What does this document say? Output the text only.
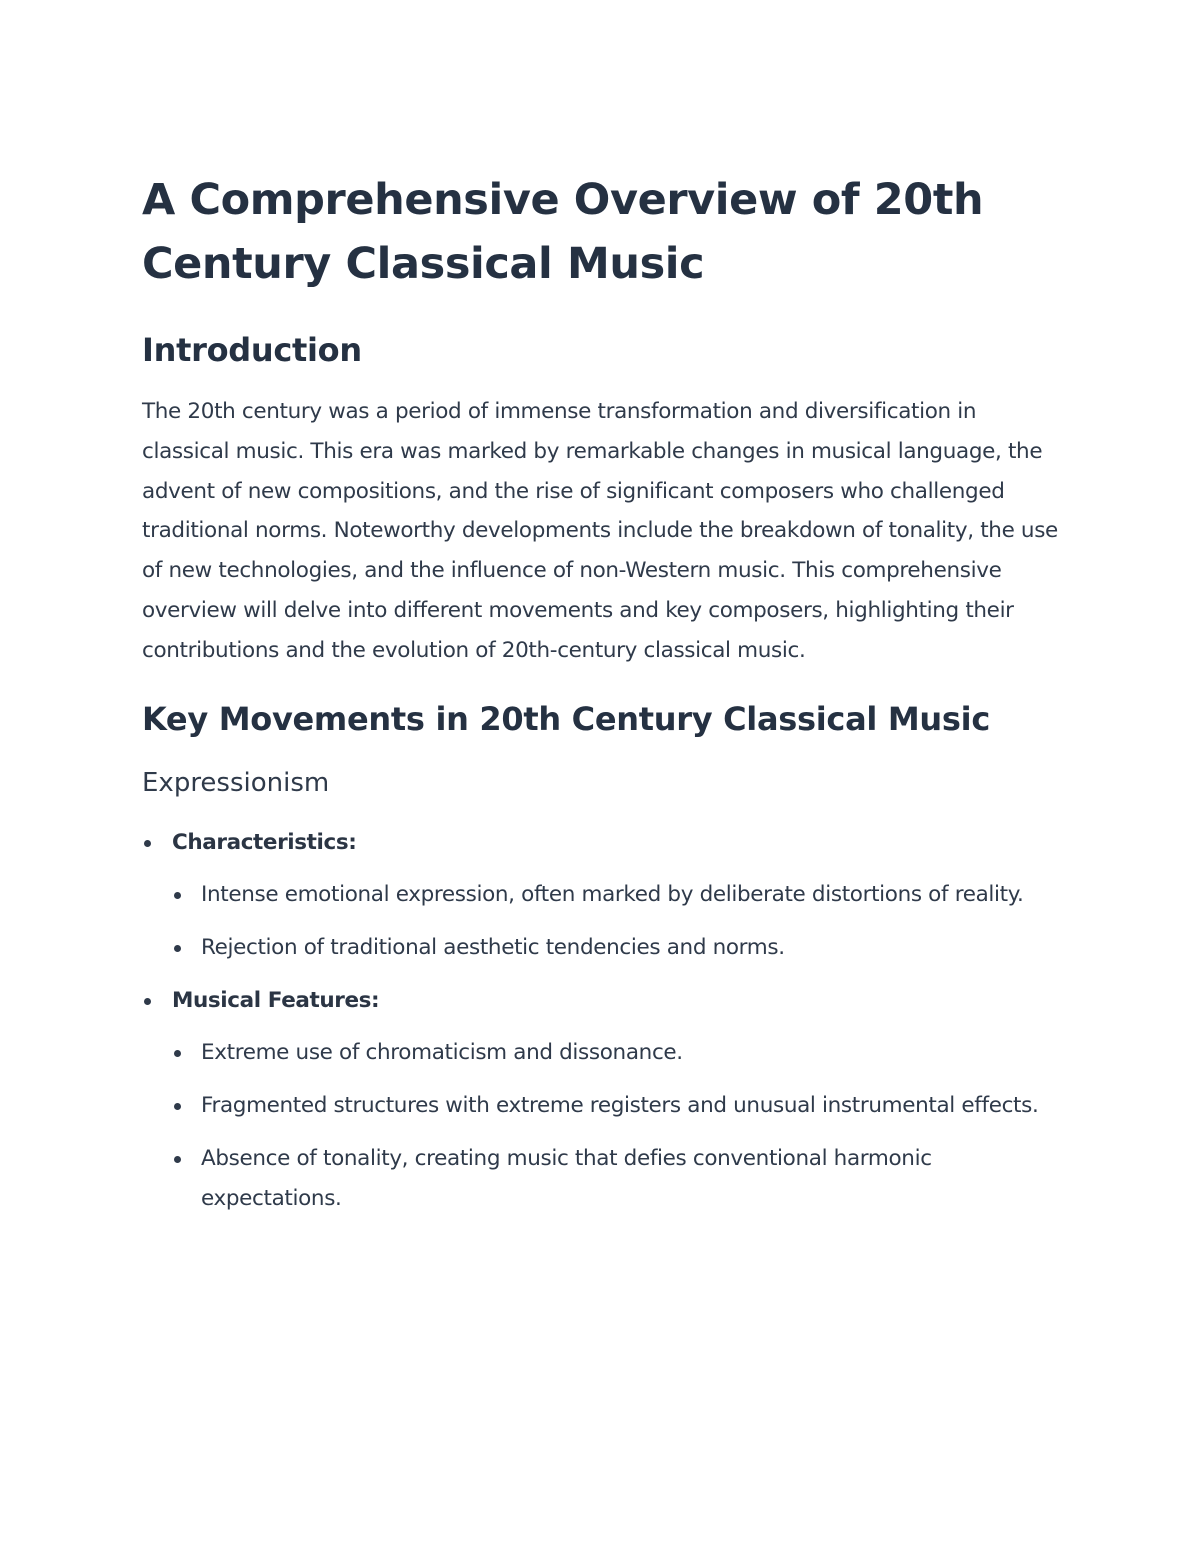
A Comprehensive Overview of 20th Century Classical Music
Introduction

The 20th century was a period of immense transformation and diversification in classical music. This era was marked by remarkable changes in musical language, the advent of new compositions, and the rise of significant composers who challenged traditional norms. Noteworthy developments include the breakdown of tonality, the use of new technologies, and the influence of non-Western music. This comprehensive overview will delve into different movements and key composers, highlighting their contributions and the evolution of 20th-century classical music.

Key Movements in 20th Century Classical Music
Expressionism
Characteristics:
Intense emotional expression, often marked by deliberate distortions of reality.
Rejection of traditional aesthetic tendencies and norms.
Musical Features:
Extreme use of chromaticism and dissonance.
Fragmented structures with extreme registers and unusual instrumental effects.
Absence of tonality, creating music that defies conventional harmonic expectations.
